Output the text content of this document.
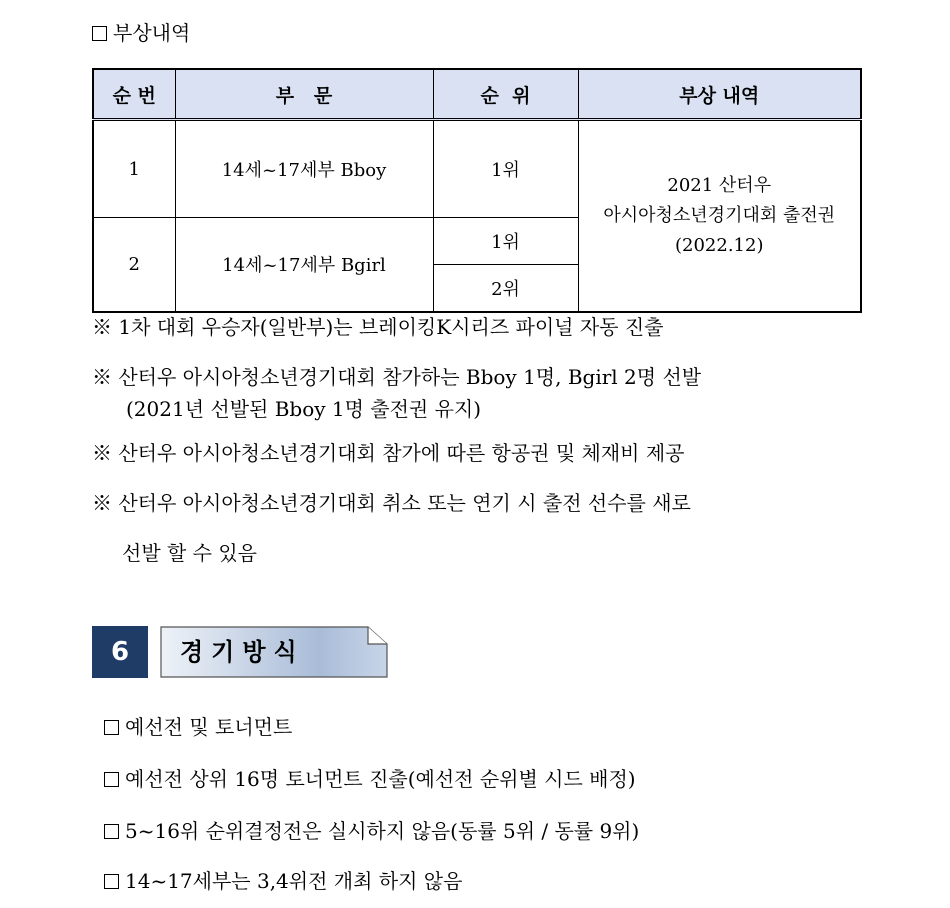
부상내역
순 번	부   문	순  위	부상 내역
1	14세~17세부 Bboy	1위	2021 산터우
아시아청소년경기대회 출전권
(2022.12)

2	14세~17세부 Bgirl	1위	
		2위	
※ 1차 대회 우승자(일반부)는 브레이킹K시리즈 파이널 자동 진출
※ 산터우 아시아청소년경기대회 참가하는 Bboy 1명, Bgirl 2명 선발
(2021년 선발된 Bboy 1명 출전권 유지)
※ 산터우 아시아청소년경기대회 참가에 따른 항공권 및 체재비 제공
※ 산터우 아시아청소년경기대회 취소 또는 연기 시 출전 선수를 새로
선발 할 수 있음
6	경기방식
예선전 및 토너먼트
예선전 상위 16명 토너먼트 진출(예선전 순위별 시드 배정)
5~16위 순위결정전은 실시하지 않음(동률 5위 / 동률 9위)
14~17세부는 3,4위전 개최 하지 않음
